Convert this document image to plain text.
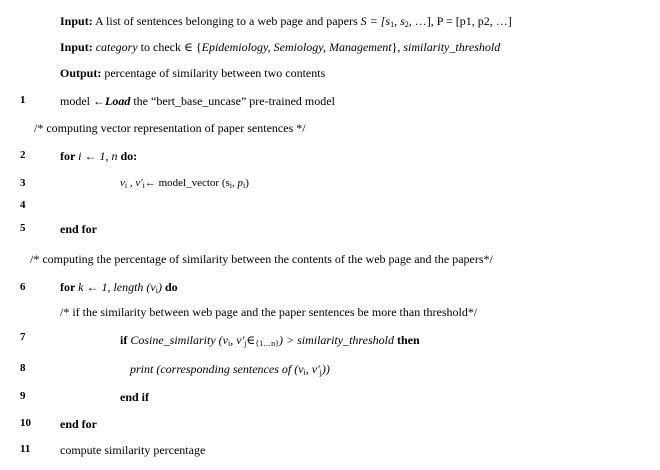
Input: A list of sentences belonging to a web page and papers $S = [s_1$, $s_2$, …], P = [p1, p2, …]
Input: category to check ∈ {Epidemiology, Semiology, Management}, similarity_threshold
Output: percentage of similarity between two contents
1
2
3
4
5
6
7
8
9
10
11
model ←Load the “bert_base_uncase” pre-trained model
/* computing vector representation of paper sentences */
for i ← 1, n do:
$v_i$ , $v'_i\leftarrow$ model_vector ($s_i$, $p_i$)
end for
/* computing the percentage of similarity between the contents of the web page and the papers*/
for k ← 1, length $(v_i)$ do
/* if the similarity between web page and the paper sentences be more than threshold*/
if Cosine_similarity ($v_i$, $v'_j\in_{\{1\dots n\}}$) > similarity_threshold then
print (corresponding sentences of ($v_i$, $v'_j$))
end if
end for
compute similarity percentage
